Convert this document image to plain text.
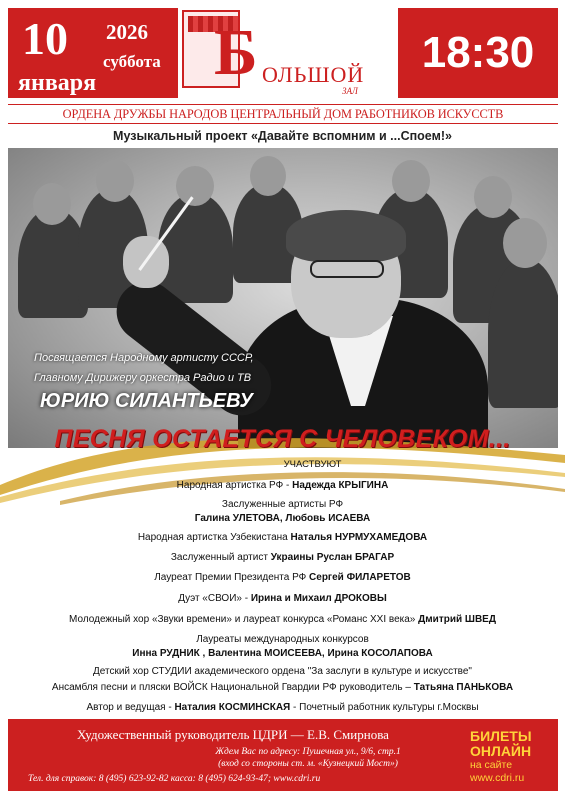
10 2026
суббота
января Б ОЛЬШОЙ
ЗАЛ
18:30
ОРДЕНА ДРУЖБЫ НАРОДОВ ЦЕНТРАЛЬНЫЙ ДОМ РАБОТНИКОВ ИСКУССТВ
Музыкальный проект «Давайте вспомним и ...Споем!»
Посвящается Народному артисту СССР,
Главному Дирижеру оркестра Радио и ТВ
ЮРИЮ СИЛАНТЬЕВУ
ПЕСНЯ ОСТАЕТСЯ С ЧЕЛОВЕКОМ...
УЧАСТВУЮТ
Народная артистка РФ - Надежда КРЫГИНА
Заслуженные артисты РФ
Галина УЛЕТОВА, Любовь ИСАЕВА
Народная артистка Узбекистана Наталья НУРМУХАМЕДОВА
Заслуженный артист Украины Руслан БРАГАР
Лауреат Премии Президента РФ Сергей ФИЛАРЕТОВ
Дуэт «СВОИ» - Ирина и Михаил ДРОКОВЫ
Молодежный хор «Звуки времени» и лауреат конкурса «Романс XXI века» Дмитрий ШВЕД
Лауреаты международных конкурсов
Инна РУДНИК , Валентина МОИСЕЕВА, Ирина КОСОЛАПОВА
Детский хор СТУДИИ академического ордена "За заслуги в культуре и искусстве"
Ансамбля песни и пляски ВОЙСК Национальной Гвардии РФ руководитель – Татьяна ПАНЬКОВА
Автор и ведущая - Наталия КОСМИНСКАЯ - Почетный работник культуры г.Москвы
Художественный руководитель ЦДРИ — Е.В. Смирнова
Ждем Вас по адресу: Пушечная ул., 9/6, стр.1
(вход со стороны ст. м. «Кузнецкий Мост»)
Тел. для справок: 8 (495) 623-92-82 касса: 8 (495) 624-93-47; www.cdri.ru
БИЛЕТЫ
ОНЛАЙН
на сайте
www.cdri.ru
